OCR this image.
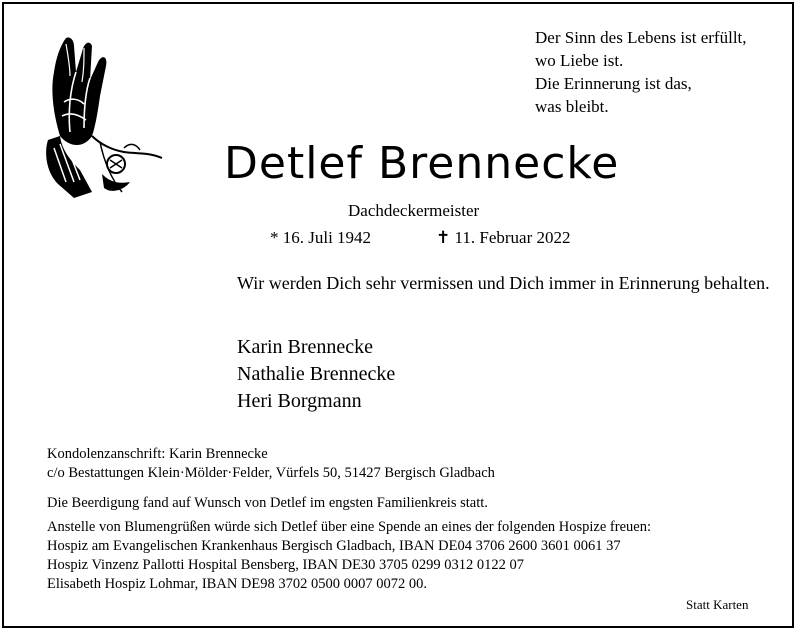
Der Sinn des Lebens ist erfüllt,
wo Liebe ist.
Die Erinnerung ist das,
was bleibt.
Detlef Brennecke
Dachdeckermeister
* 16. Juli 1942	✝ 11. Februar 2022
Wir werden Dich sehr vermissen und Dich immer in Erinnerung behalten.
Karin Brennecke
Nathalie Brennecke
Heri Borgmann
Kondolenzanschrift: Karin Brennecke
c/o Bestattungen Klein·Mölder·Felder, Vürfels 50, 51427 Bergisch Gladbach
Die Beerdigung fand auf Wunsch von Detlef im engsten Familienkreis statt.
Anstelle von Blumengrüßen würde sich Detlef über eine Spende an eines der folgenden Hospize freuen:
Hospiz am Evangelischen Krankenhaus Bergisch Gladbach, IBAN DE04 3706 2600 3601 0061 37
Hospiz Vinzenz Pallotti Hospital Bensberg, IBAN DE30 3705 0299 0312 0122 07
Elisabeth Hospiz Lohmar, IBAN DE98 3702 0500 0007 0072 00.
Statt Karten
